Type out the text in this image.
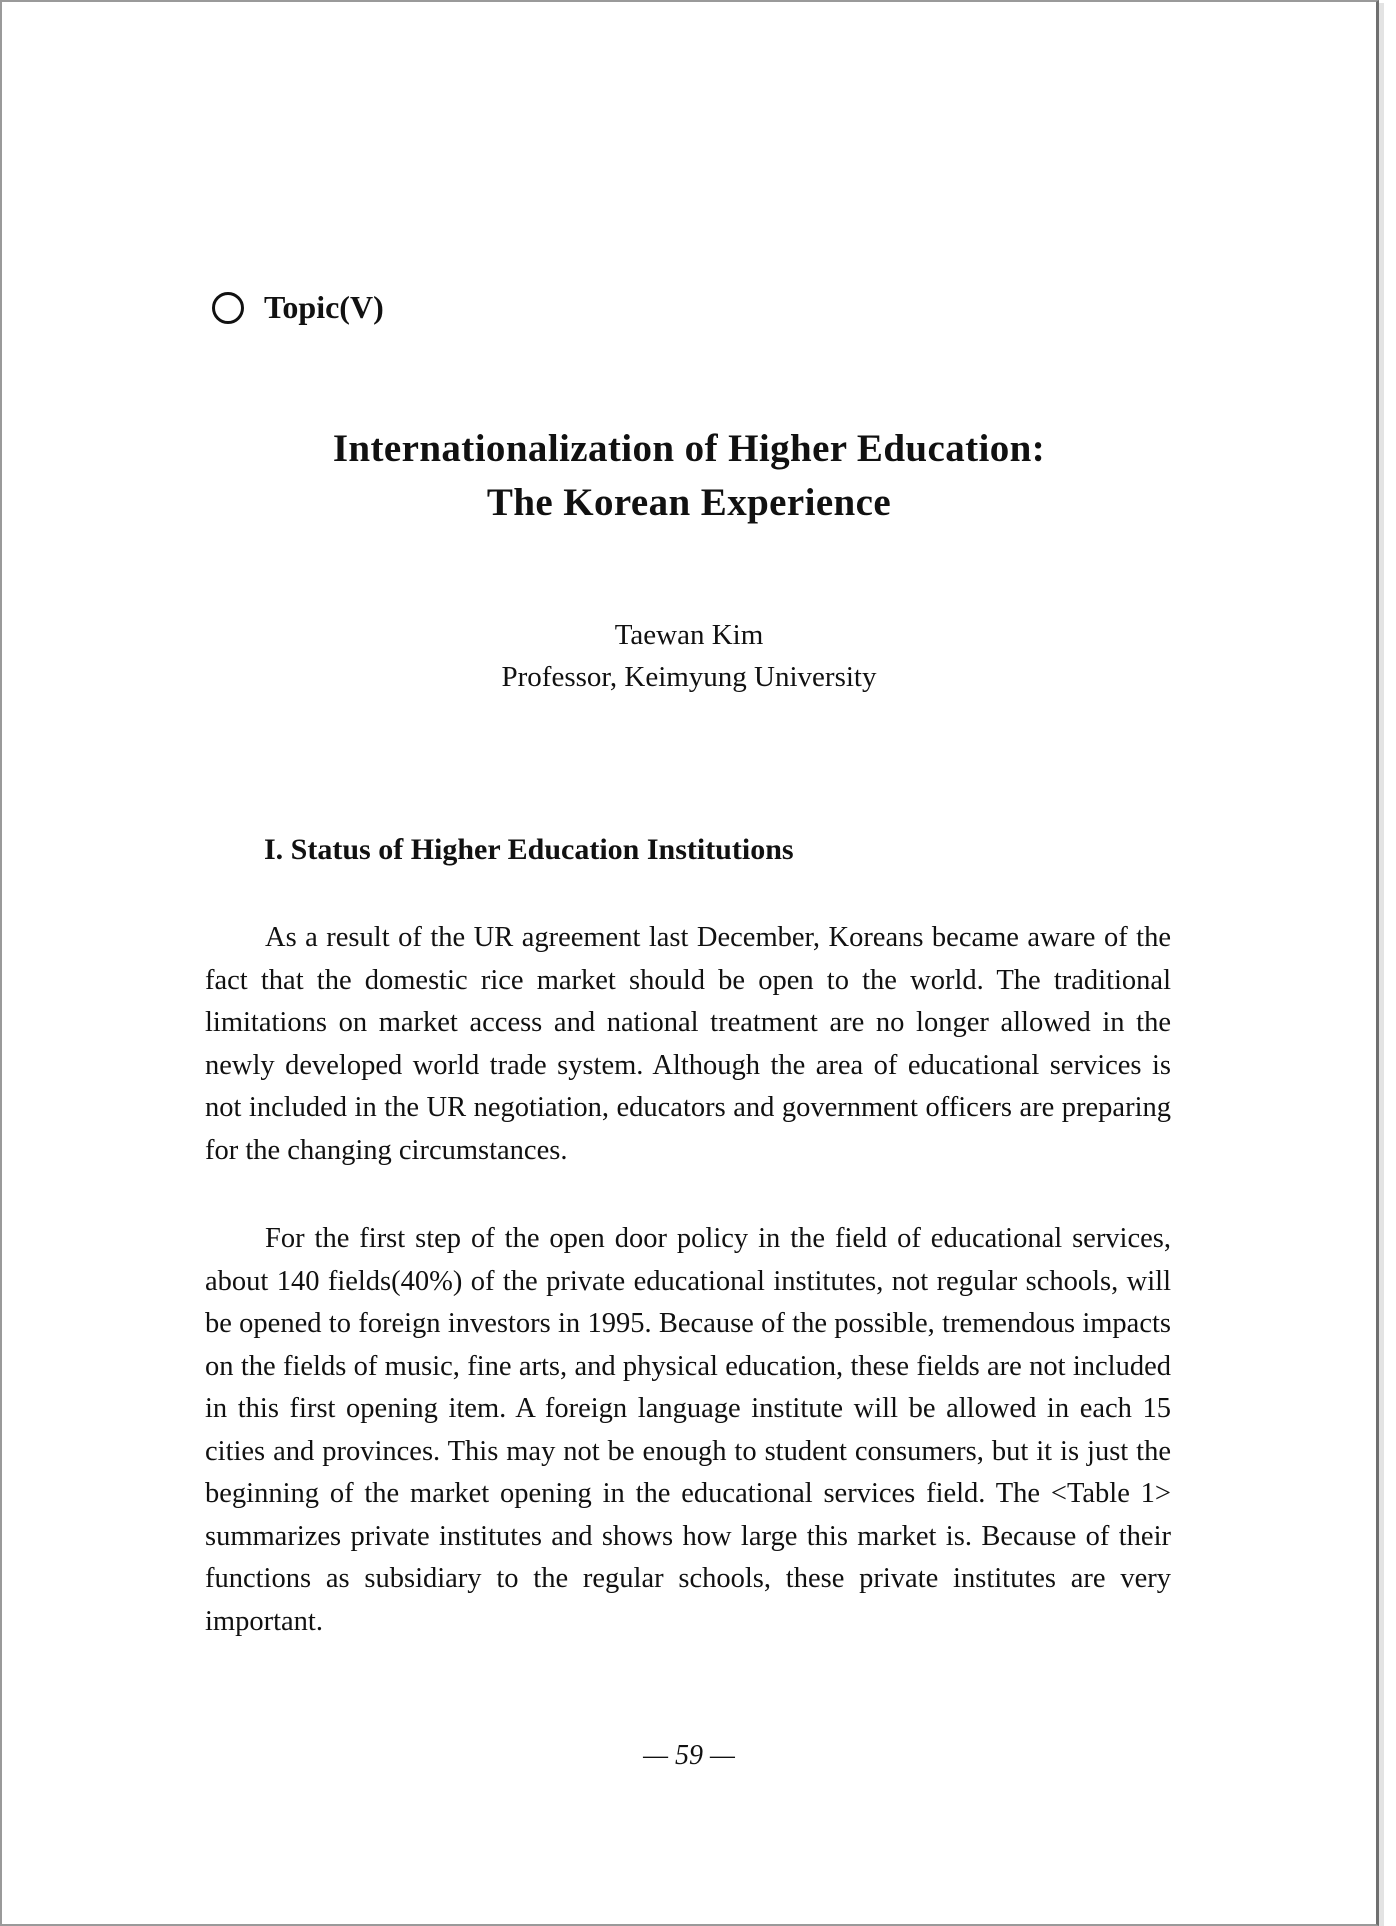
Topic(V)
Internationalization of Higher Education:
The Korean Experience
Taewan Kim
Professor, Keimyung University
I. Status of Higher Education Institutions

As a result of the UR agreement last December, Koreans became aware of the fact that the domestic rice market should be open to the world. The traditional limitations on market access and national treatment are no longer allowed in the newly developed world trade system. Although the area of educational services is not included in the UR negotiation, educators and government officers are preparing for the changing circumstances.

For the first step of the open door policy in the field of educational services, about 140 fields(40%) of the private educational institutes, not regular schools, will be opened to foreign investors in 1995. Because of the possible, tremendous impacts on the fields of music, fine arts, and physical education, these fields are not included in this first opening item. A foreign language institute will be allowed in each 15 cities and provinces. This may not be enough to student consumers, but it is just the beginning of the market opening in the educational services field. The <Table 1> summarizes private institutes and shows how large this market is. Because of their functions as subsidiary to the regular schools, these private institutes are very important.

— 59 —
